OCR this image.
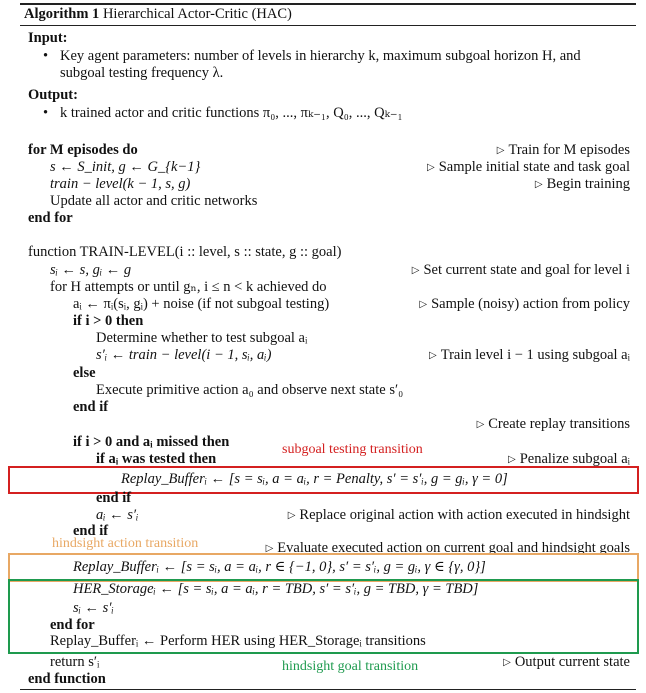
Algorithm 1 Hierarchical Actor-Critic (HAC)
Input:
• Key agent parameters: number of levels in hierarchy k, maximum subgoal horizon H, and
subgoal testing frequency λ.
Output:
• k trained actor and critic functions π₀, ..., πₖ₋₁, Q₀, ..., Qₖ₋₁
for M episodes do	▷ Train for M episodes
s ← S_init, g ← G_{k−1}	▷ Sample initial state and task goal
train − level(k − 1, s, g)	▷ Begin training
Update all actor and critic networks
end for
function TRAIN-LEVEL(i :: level, s :: state, g :: goal)
sᵢ ← s, gᵢ ← g	▷ Set current state and goal for level i
for H attempts or until gₙ, i ≤ n < k achieved do
aᵢ ← πᵢ(sᵢ, gᵢ) + noise (if not subgoal testing)	▷ Sample (noisy) action from policy
if i > 0 then
Determine whether to test subgoal aᵢ
s′ᵢ ← train − level(i − 1, sᵢ, aᵢ)	▷ Train level i − 1 using subgoal aᵢ
else
Execute primitive action a₀ and observe next state s′₀
end if
▷ Create replay transitions
if i > 0 and aᵢ missed then	subgoal testing transition
if aᵢ was tested then	▷ Penalize subgoal aᵢ
Replay_Bufferᵢ ← [s = sᵢ, a = aᵢ, r = Penalty, s′ = s′ᵢ, g = gᵢ, γ = 0]
end if
aᵢ ← s′ᵢ	▷ Replace original action with action executed in hindsight
end if
hindsight action transition	▷ Evaluate executed action on current goal and hindsight goals
Replay_Bufferᵢ ← [s = sᵢ, a = aᵢ, r ∈ {−1, 0}, s′ = s′ᵢ, g = gᵢ, γ ∈ {γ, 0}]
HER_Storageᵢ ← [s = sᵢ, a = aᵢ, r = TBD, s′ = s′ᵢ, g = TBD, γ = TBD]
sᵢ ← s′ᵢ
end for
Replay_Bufferᵢ ← Perform HER using HER_Storageᵢ transitions
return s′ᵢ	hindsight goal transition	▷ Output current state
end function
